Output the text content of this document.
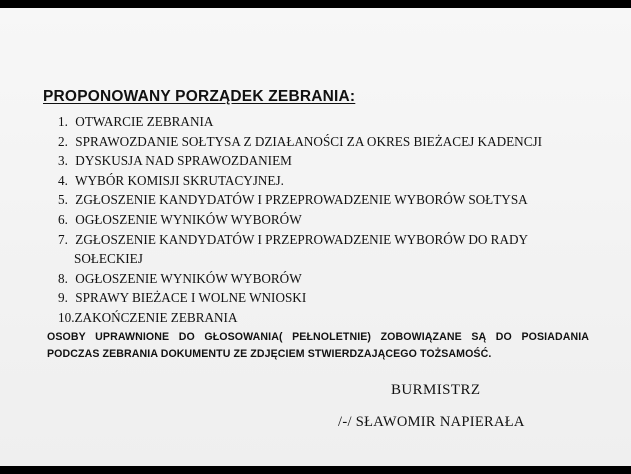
PROPONOWANY PORZĄDEK ZEBRANIA:
1. OTWARCIE ZEBRANIA
2. SPRAWOZDANIE SOŁTYSA Z DZIAŁANOŚCI ZA OKRES BIEŻACEJ KADENCJI
3. DYSKUSJA NAD SPRAWOZDANIEM
4. WYBÓR KOMISJI SKRUTACYJNEJ.
5. ZGŁOSZENIE KANDYDATÓW I PRZEPROWADZENIE WYBORÓW SOŁTYSA
6. OGŁOSZENIE WYNIKÓW WYBORÓW
7. ZGŁOSZENIE KANDYDATÓW I PRZEPROWADZENIE WYBORÓW DO RADY
SOŁECKIEJ
8. OGŁOSZENIE WYNIKÓW WYBORÓW
9. SPRAWY BIEŻACE I WOLNE WNIOSKI
10.ZAKOŃCZENIE ZEBRANIA
OSOBY UPRAWNIONE DO GŁOSOWANIA( PEŁNOLETNIE) ZOBOWIĄZANE SĄ DO POSIADANIA PODCZAS ZEBRANIA DOKUMENTU ZE ZDJĘCIEM STWIERDZAJĄCEGO TOŻSAMOŚĆ.
BURMISTRZ
/-/ SŁAWOMIR NAPIERAŁA
